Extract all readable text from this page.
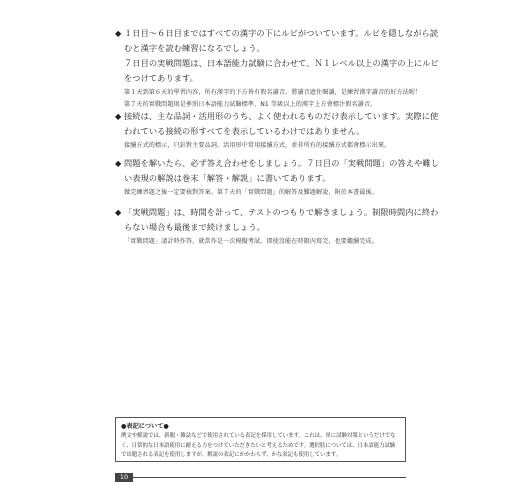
◆ １日目～６日目まではすべての漢字の下にルビがついています。ルビを隠しながら読

むと漢字を読む練習になるでしょう。

７日目の実戦問題は、日本語能力試験に合わせて、Ｎ１レベル以上の漢字の上にルビ

をつけてあります。

第１天到第６天的學習內容，所有漢字的下方皆有假名讀音。將讀音遮住閱讀，是練習漢字讀音的好方法喔！

第７天的實戰問題則是參照日本語能力試驗標準，N1 等級以上的漢字上方會標注假名讀音。

◆ 接続は、主な品詞・活用形のうち、よく使われるものだけ表示しています。実際に使

われている接続の形すべてを表示しているわけではありません。

接續方式的標示，只針對主要品詞、活用形中常用接續方式，並非所有的接續方式都會標示出來。

◆ 問題を解いたら、必ず答え合わせをしましょう。７日目の「実戦問題」の答えや難し

い表現の解説は巻末「解答・解説」に書いてあります。

做完練習題之後一定要核對答案。第７天的「實戰問題」的解答及難題解說，附於本書最後。

◆ 「実戦問題」は、時間を計って、テストのつもりで解きましょう。制限時間内に終わ

らない場合も最後まで続けましょう。

「實戰問題」請計時作答，就當作是一次模擬考試。即使沒能在時限內寫完，也要繼續完成。

●表記について●

例文や解説では、新聞・雑誌などで使用されている表記を採用しています。これは、単に試験対策というだけでなく、日常的な日本語使用に耐える力をつけていただきたいと考えるためです。選択肢については、日本語能力試験で出題される表記を使用しますが、解説の表記にかかわらず、かな表記も使用しています。

10
